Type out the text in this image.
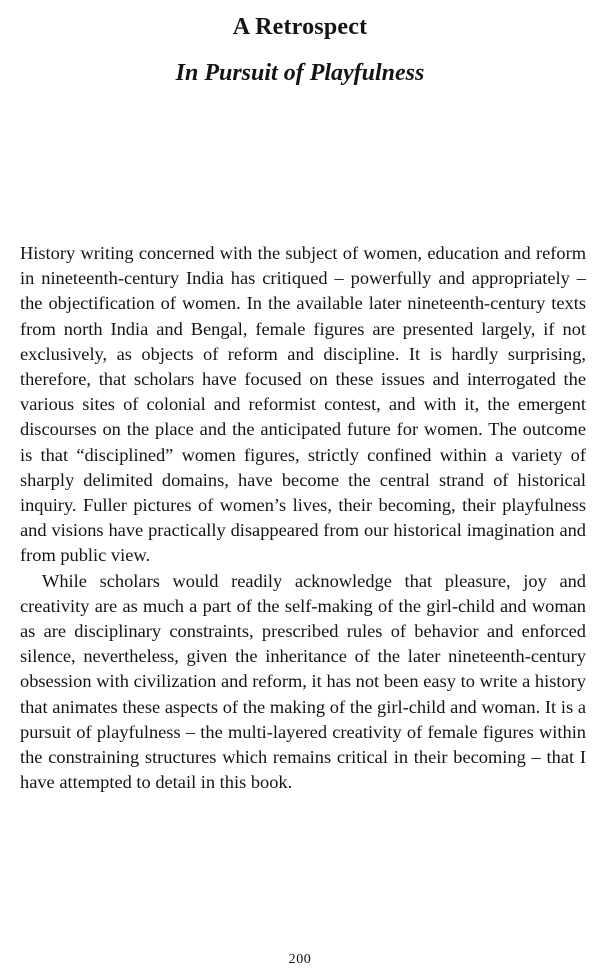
A Retrospect
In Pursuit of Playfulness

History writing concerned with the subject of women, education and reform in nineteenth-century India has critiqued – powerfully and appropriately – the objectification of women. In the available later nineteenth-century texts from north India and Bengal, female figures are presented largely, if not exclusively, as objects of reform and discipline. It is hardly surprising, therefore, that scholars have focused on these issues and interrogated the various sites of colonial and reformist contest, and with it, the emergent discourses on the place and the anticipated future for women. The outcome is that “disciplined” women figures, strictly confined within a variety of sharply delimited domains, have become the central strand of historical inquiry. Fuller pictures of women’s lives, their becoming, their playfulness and visions have practically disappeared from our historical imagination and from public view.

While scholars would readily acknowledge that pleasure, joy and creativity are as much a part of the self-making of the girl-child and woman as are disciplinary constraints, prescribed rules of behavior and enforced silence, nevertheless, given the inheritance of the later nineteenth-century obsession with civilization and reform, it has not been easy to write a history that animates these aspects of the making of the girl-child and woman. It is a pursuit of playfulness – the multi-layered creativity of female figures within the constraining structures which remains critical in their becoming – that I have attempted to detail in this book.

200
